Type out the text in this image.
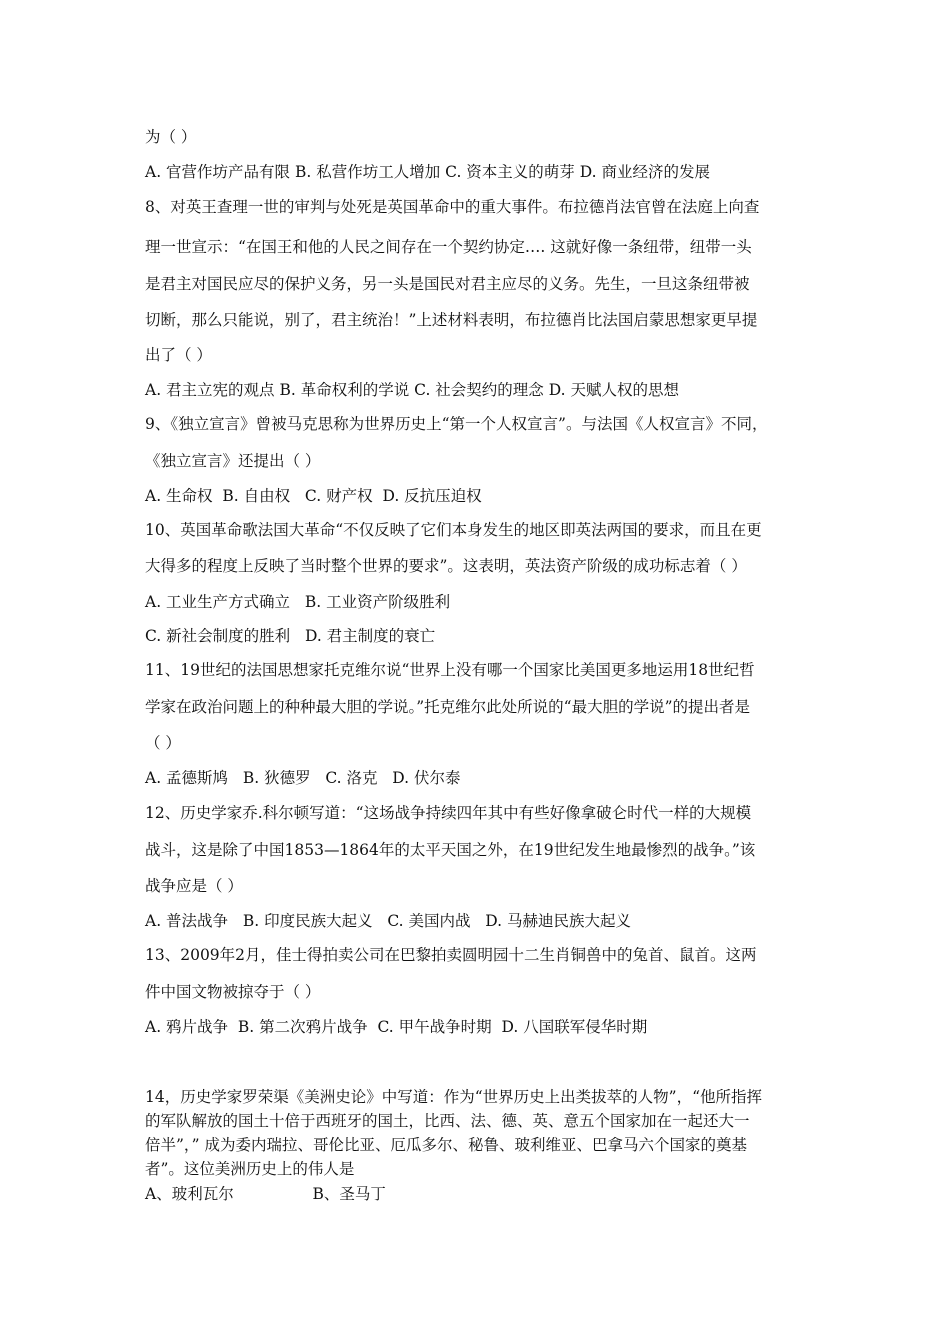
为（ ）
A. 官营作坊产品有限 B. 私营作坊工人增加 C. 资本主义的萌芽 D. 商业经济的发展
8、对英王查理一世的审判与处死是英国革命中的重大事件。布拉德肖法官曾在法庭上向查
理一世宣示：“在国王和他的人民之间存在一个契约协定…. 这就好像一条纽带，纽带一头
是君主对国民应尽的保护义务，另一头是国民对君主应尽的义务。先生，一旦这条纽带被
切断，那么只能说，别了，君主统治！”上述材料表明，布拉德肖比法国启蒙思想家更早提
出了（ ）
A. 君主立宪的观点 B. 革命权利的学说 C. 社会契约的理念 D. 天赋人权的思想
9、《独立宣言》曾被马克思称为世界历史上“第一个人权宣言”。与法国《人权宣言》不同，
《独立宣言》还提出（ ）
A. 生命权  B. 自由权   C. 财产权  D. 反抗压迫权
10、英国革命歌法国大革命“不仅反映了它们本身发生的地区即英法两国的要求，而且在更
大得多的程度上反映了当时整个世界的要求”。这表明，英法资产阶级的成功标志着（ ）
A. 工业生产方式确立   B. 工业资产阶级胜利
C. 新社会制度的胜利   D. 君主制度的衰亡
11、19世纪的法国思想家托克维尔说“世界上没有哪一个国家比美国更多地运用18世纪哲
学家在政治问题上的种种最大胆的学说。”托克维尔此处所说的“最大胆的学说”的提出者是
（ ）
A. 孟德斯鸠   B. 狄德罗   C. 洛克   D. 伏尔泰
12、历史学家乔.科尔顿写道：“这场战争持续四年其中有些好像拿破仑时代一样的大规模
战斗，这是除了中国1853—1864年的太平天国之外，在19世纪发生地最惨烈的战争。”该
战争应是（ ）
A. 普法战争   B. 印度民族大起义   C. 美国内战   D. 马赫迪民族大起义
13、2009年2月，佳士得拍卖公司在巴黎拍卖圆明园十二生肖铜兽中的兔首、鼠首。这两
件中国文物被掠夺于（ ）
A. 鸦片战争  B. 第二次鸦片战争  C. 甲午战争时期  D. 八国联军侵华时期
14，历史学家罗荣渠《美洲史论》中写道：作为“世界历史上出类拔萃的人物”，“他所指挥
的军队解放的国土十倍于西班牙的国土，比西、法、德、英、意五个国家加在一起还大一
倍半”，” 成为委内瑞拉、哥伦比亚、厄瓜多尔、秘鲁、玻利维亚、巴拿马六个国家的奠基
者”。这位美洲历史上的伟人是
A、玻利瓦尔                B、圣马丁
